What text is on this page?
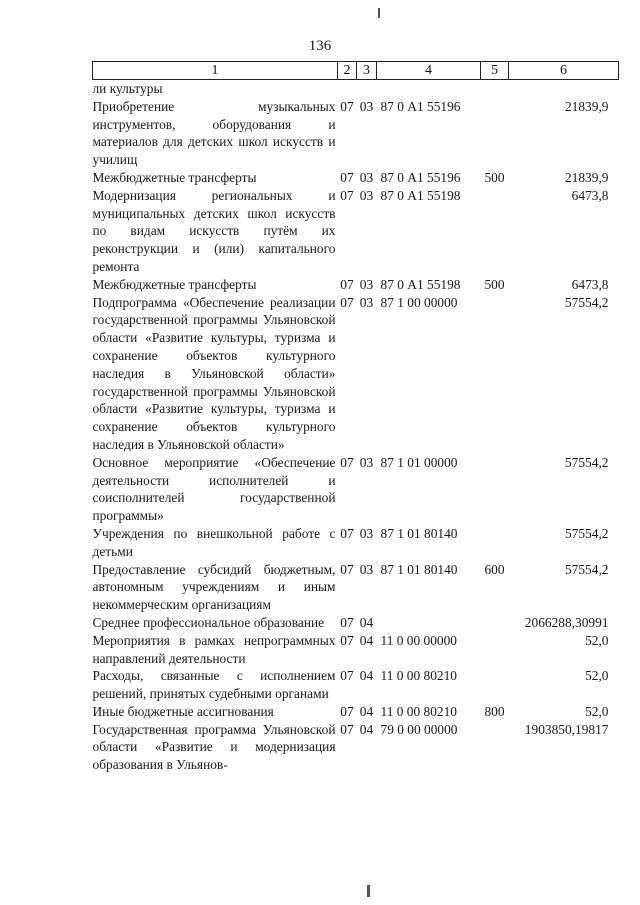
136
1	2	3	4	5	6
ли культуры					
Приобретение музыкальных инструментов, оборудования и материалов для детских школ искусств и училищ	07	03	87 0 А1 55196		21839,9
Межбюджетные трансферты	07	03	87 0 А1 55196	500	21839,9
Модернизация региональных и муниципальных детских школ искусств по видам искусств путём их реконструкции и (или) капитального ремонта	07	03	87 0 А1 55198		6473,8
Межбюджетные трансферты	07	03	87 0 А1 55198	500	6473,8
Подпрограмма «Обеспечение реализации государственной программы Ульяновской области «Развитие культуры, туризма и сохранение объектов культурного наследия в Ульяновской области» государственной программы Ульяновской области «Развитие культуры, туризма и сохранение объектов культурного наследия в Ульяновской области»	07	03	87 1 00 00000		57554,2
Основное мероприятие «Обеспечение деятельности исполнителей и соисполнителей государственной программы»	07	03	87 1 01 00000		57554,2
Учреждения по внешкольной работе с детьми	07	03	87 1 01 80140		57554,2
Предоставление субсидий бюджетным, автономным учреждениям и иным некоммерческим организациям	07	03	87 1 01 80140	600	57554,2
Среднее профессиональное образование	07	04			2066288,30991
Мероприятия в рамках непрограммных направлений деятельности	07	04	11 0 00 00000		52,0
Расходы, связанные с исполнением решений, принятых судебными органами	07	04	11 0 00 80210		52,0
Иные бюджетные ассигнования	07	04	11 0 00 80210	800	52,0
Государственная программа Ульяновской области «Развитие и модернизация образования в Ульянов-	07	04	79 0 00 00000		1903850,19817
